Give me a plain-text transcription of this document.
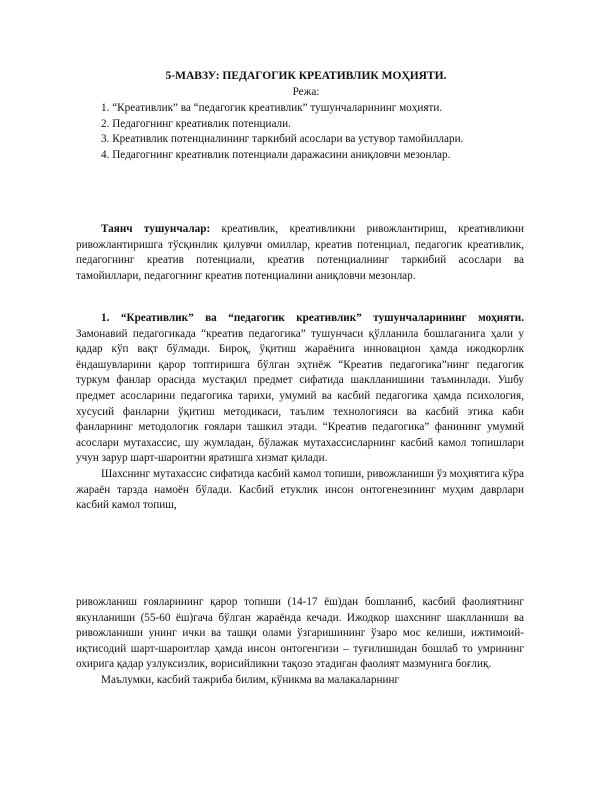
5-МАВЗУ: ПЕДАГОГИК КРЕАТИВЛИК МОҲИЯТИ.
Режа:

1. “Креативлик” ва “педагогик креативлик” тушунчаларининг моҳияти.

2. Педагогнинг креативлик потенциали.

3. Креативлик потенциалининг таркибий асослари ва устувор тамойиллари.

4. Педагогнинг креативлик потенциали даражасини аниқловчи мезонлар.

Таянч тушунчалар: креативлик, креативликни ривожлантириш, креативликни ривожлантиришга тўсқинлик қилувчи омиллар, креатив потенциал, педагогик креативлик, педагогнинг креатив потенциали, креатив потенциалнинг таркибий асослари ва тамойиллари, педагогнинг креатив потенциалини аниқловчи мезонлар.

1. “Креативлик” ва “педагогик креативлик” тушунчаларининг моҳияти. Замонавий педагогикада “креатив педагогика” тушунчаси қўлланила бошлаганига ҳали у қадар кўп вақт бўлмади. Бироқ, ўқитиш жараёнига инновацион ҳамда ижодкорлик ёндашувларини қарор топтиришга бўлган эҳтиёж “Креатив педагогика”нинг педагогик туркум фанлар орасида мустақил предмет сифатида шаклланишини таъминлади. Ушбу предмет асосларини педагогика тарихи, умумий ва касбий педагогика ҳамда психология, хусусий фанларни ўқитиш методикаси, таълим технологияси ва касбий этика каби фанларнинг методологик ғоялари ташкил этади. “Креатив педагогика” фанининг умумий асослари мутахассис, шу жумладан, бўлажак мутахассисларнинг касбий камол топишлари учун зарур шарт-шароитни яратишга хизмат қилади.

Шахснинг мутахассис сифатида касбий камол топиши, ривожланиши ўз моҳиятига кўра жараён тарзда намоён бўлади. Касбий етуклик инсон онтогенезининг муҳим даврлари касбий камол топиш,

ривожланиш ғояларининг қарор топиши (14-17 ёш)дан бошланиб, касбий фаолиятнинг якунланиши (55-60 ёш)гача бўлган жараёнда кечади. Ижодкор шахснинг шаклланиши ва ривожланиши унинг ички ва ташқи олами ўзгаришининг ўзаро мос келиши, ижтимоий-иқтисодий шарт-шароитлар ҳамда инсон онтогенгизи – туғилишидан бошлаб то умрининг охирига қадар узлуксизлик, ворисийликни тақозо этадиган фаолият мазмунига боғлиқ.

Маълумки, касбий тажриба билим, кўникма ва малакаларнинг
